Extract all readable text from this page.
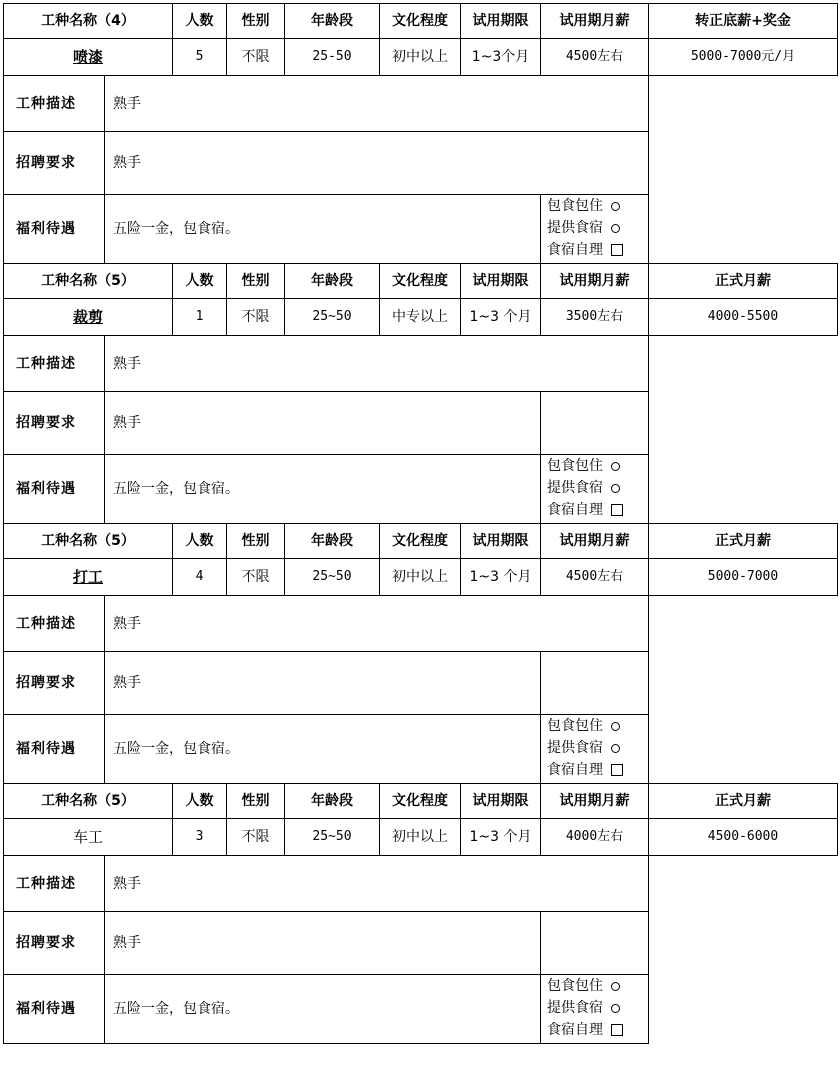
工种名称（4）		人数	性别	年龄段	文化程度	试用期限	试用期月薪	转正底薪+奖金
喷漆		5	不限	25-50	初中以上	1~3个月	4500左右	5000-7000元/月
工种描述	熟手							
招聘要求	熟手							
福利待遇	五险一金，包食宿。						包食包住
提供食宿
食宿自理	
工种名称（5）		人数	性别	年龄段	文化程度	试用期限	试用期月薪	正式月薪
裁剪		1	不限	25~50	中专以上	1~3 个月	3500左右	4000-5500
工种描述	熟手							
招聘要求	熟手							
福利待遇	五险一金，包食宿。						包食包住
提供食宿
食宿自理	
工种名称（5）		人数	性别	年龄段	文化程度	试用期限	试用期月薪	正式月薪
打工		4	不限	25~50	初中以上	1~3 个月	4500左右	5000-7000
工种描述	熟手							
招聘要求	熟手							
福利待遇	五险一金，包食宿。						包食包住
提供食宿
食宿自理	
工种名称（5）		人数	性别	年龄段	文化程度	试用期限	试用期月薪	正式月薪
车工		3	不限	25~50	初中以上	1~3 个月	4000左右	4500-6000
工种描述	熟手							
招聘要求	熟手							
福利待遇	五险一金，包食宿。						包食包住
提供食宿
食宿自理	
